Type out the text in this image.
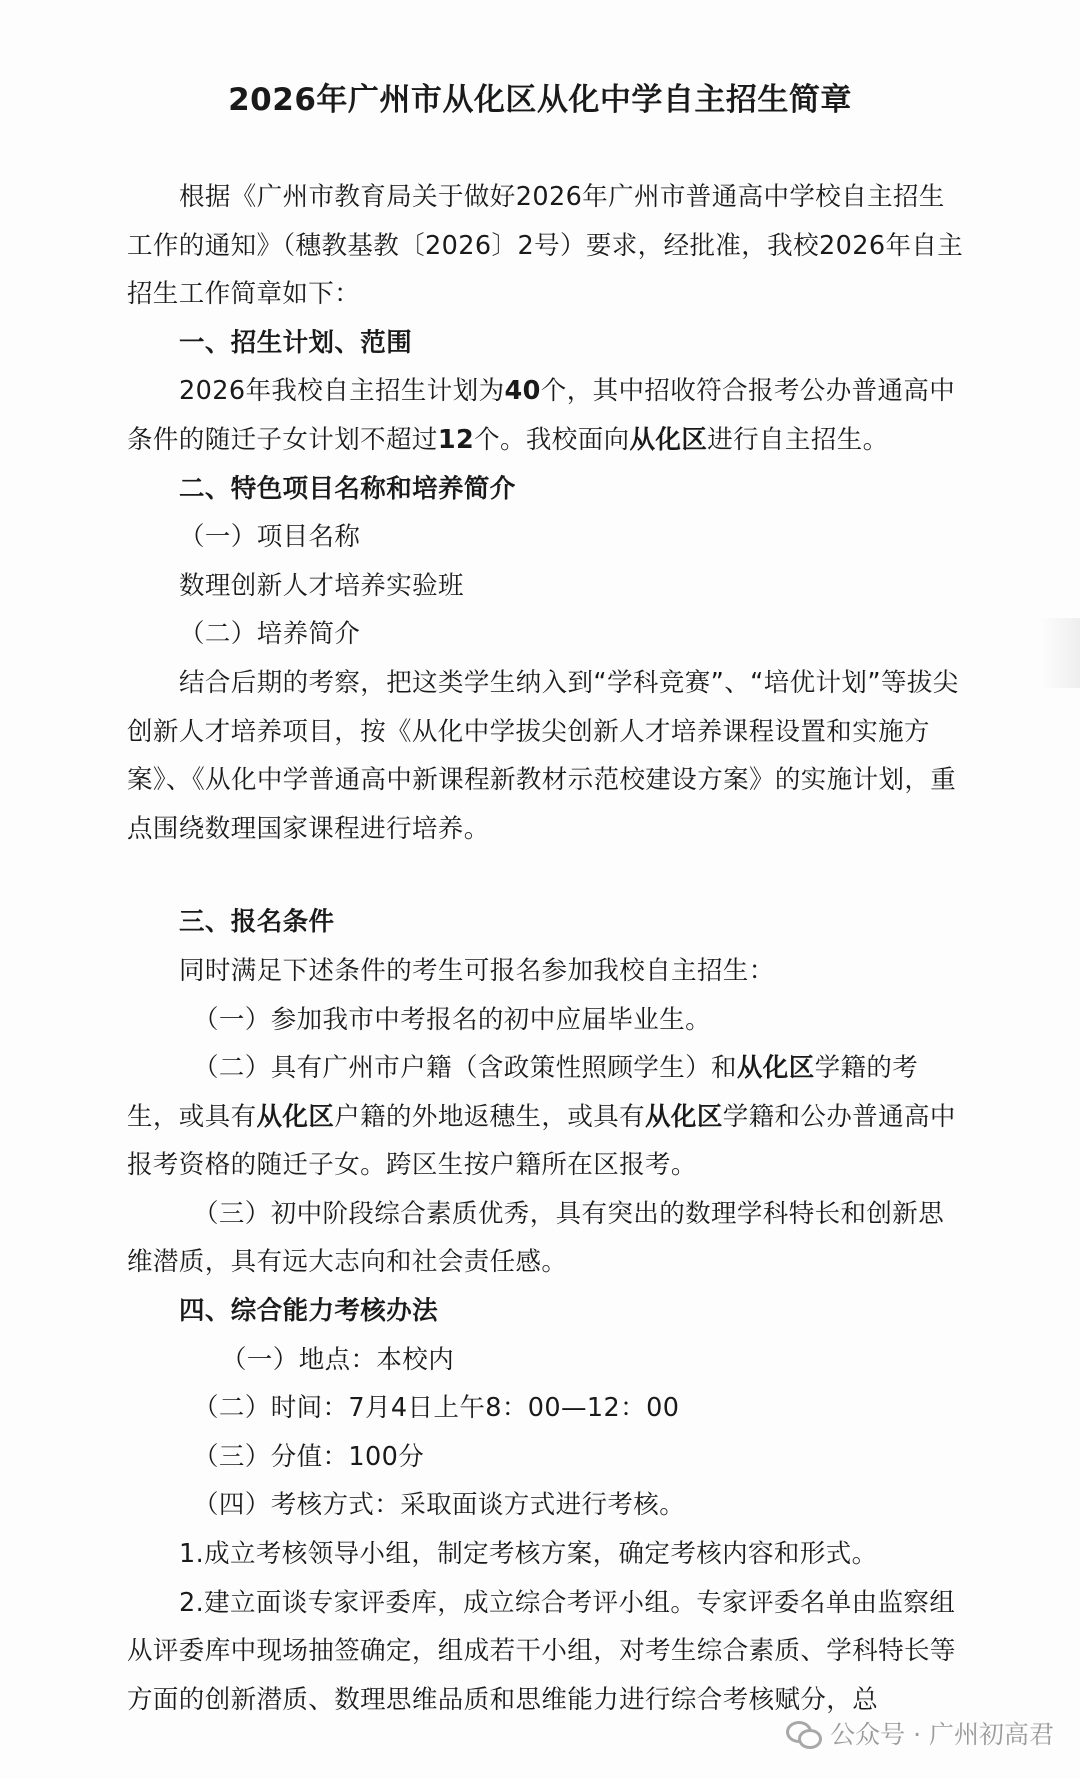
2026年广州市从化区从化中学自主招生简章

根据《广州市教育局关于做好2026年广州市普通高中学校自主招生工作的通知》（穗教基教〔2026〕2号）要求，经批准，我校2026年自主招生工作简章如下：

一、招生计划、范围

2026年我校自主招生计划为40个，其中招收符合报考公办普通高中条件的随迁子女计划不超过12个。我校面向从化区进行自主招生。

二、特色项目名称和培养简介

（一）项目名称

数理创新人才培养实验班

（二）培养简介

结合后期的考察，把这类学生纳入到“学科竞赛”、“培优计划”等拔尖创新人才培养项目，按《从化中学拔尖创新人才培养课程设置和实施方案》、《从化中学普通高中新课程新教材示范校建设方案》的实施计划，重点围绕数理国家课程进行培养。

三、报名条件

同时满足下述条件的考生可报名参加我校自主招生：

（一）参加我市中考报名的初中应届毕业生。

（二）具有广州市户籍（含政策性照顾学生）和从化区学籍的考生，或具有从化区户籍的外地返穗生，或具有从化区学籍和公办普通高中报考资格的随迁子女。跨区生按户籍所在区报考。

（三）初中阶段综合素质优秀，具有突出的数理学科特长和创新思维潜质，具有远大志向和社会责任感。

四、综合能力考核办法

（一）地点：本校内

（二）时间：7月4日上午8：00—12：00

（三）分值：100分

（四）考核方式：采取面谈方式进行考核。

1.成立考核领导小组，制定考核方案，确定考核内容和形式。

2.建立面谈专家评委库，成立综合考评小组。专家评委名单由监察组从评委库中现场抽签确定，组成若干小组，对考生综合素质、学科特长等方面的创新潜质、数理思维品质和思维能力进行综合考核赋分，总

公众号 · 广州初高君
